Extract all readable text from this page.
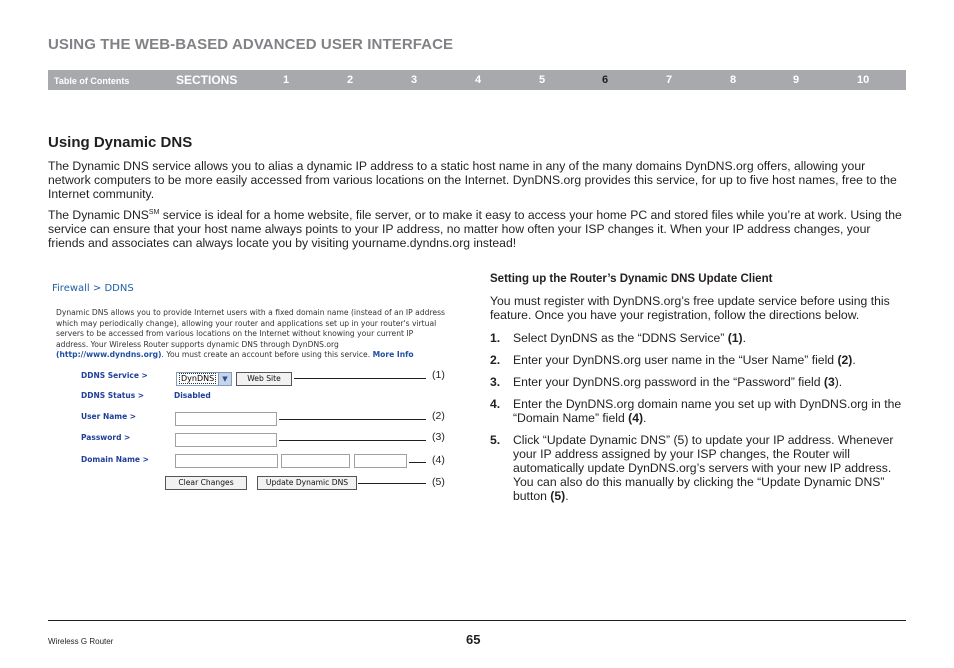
USING THE WEB-BASED ADVANCED USER INTERFACE
Table of Contents	SECTIONS	1	2	3	4	5	6	7	8	9	10
Using Dynamic DNS
The Dynamic DNS service allows you to alias a dynamic IP address to a static host name in any of the many domains DynDNS.org offers, allowing your network computers to be more easily accessed from various locations on the Internet. DynDNS.org provides this service, for up to five host names, free to the Internet community.
The Dynamic DNS℠ service is ideal for a home website, file server, or to make it easy to access your home PC and stored files while you’re at work. Using the service can ensure that your host name always points to your IP address, no matter how often your ISP changes it. When your IP address changes, your friends and associates can always locate you by visiting yourname.dyndns.org instead!
Firewall > DDNS
Dynamic DNS allows you to provide Internet users with a fixed domain name (instead of an IP address which may periodically change), allowing your router and applications set up in your router's virtual servers to be accessed from various locations on the Internet without knowing your current IP address. Your Wireless Router supports dynamic DNS through DynDNS.org (http://www.dyndns.org). You must create an account before using this service. More Info
DDNS Service >	DynDNS	▼	Web Site
DDNS Status >	Disabled
User Name >
Password >
Domain Name >
Clear Changes	Update Dynamic DNS
(1)
(2)
(3)
(4)
(5)
Setting up the Router’s Dynamic DNS Update Client
You must register with DynDNS.org’s free update service before using this feature. Once you have your registration, follow the directions below.
1. Select DynDNS as the “DDNS Service” (1).
2. Enter your DynDNS.org user name in the “User Name” field (2).
3. Enter your DynDNS.org password in the “Password” field (3).
4. Enter the DynDNS.org domain name you set up with DynDNS.org in the “Domain Name” field (4).
5. Click “Update Dynamic DNS” (5) to update your IP address. Whenever your IP address assigned by your ISP changes, the Router will automatically update DynDNS.org’s servers with your new IP address. You can also do this manually by clicking the “Update Dynamic DNS” button (5).
Wireless G Router	65
